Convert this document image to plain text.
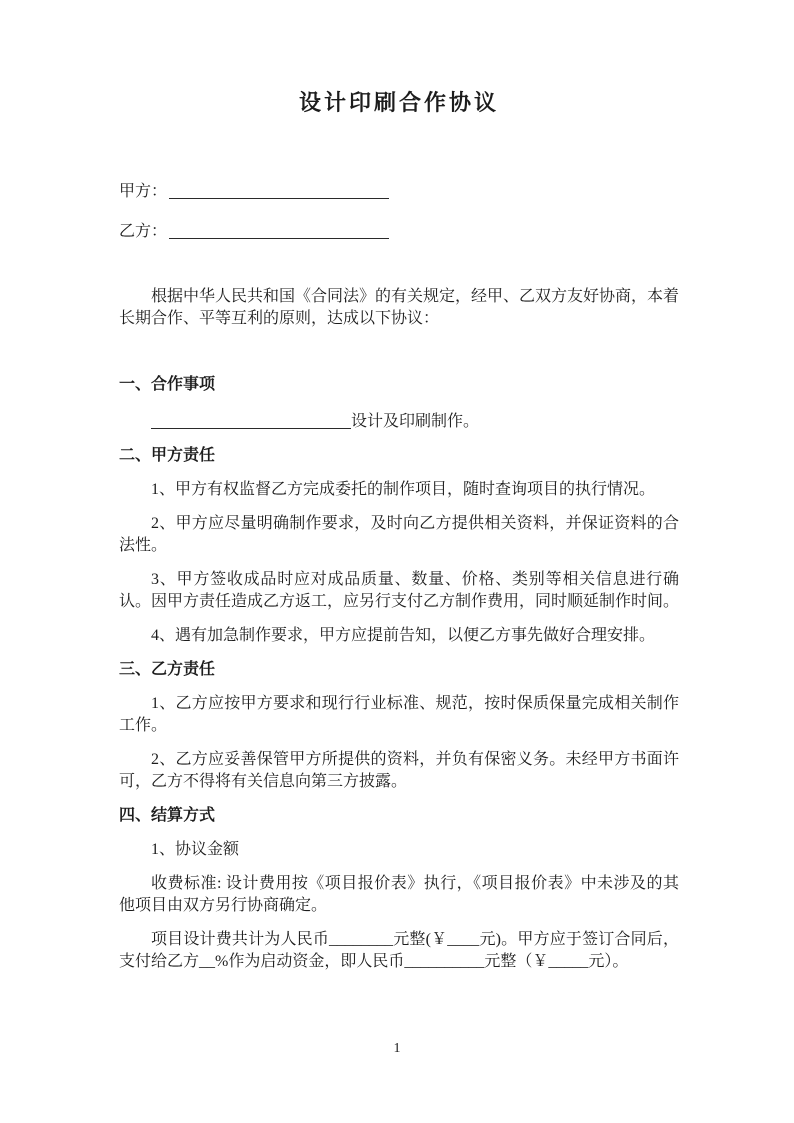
设计印刷合作协议
甲方：
乙方：

根据中华人民共和国《合同法》的有关规定，经甲、乙双方友好协商，本着长期合作、平等互利的原则，达成以下协议：

一、合作事项

设计及印刷制作。

二、甲方责任

1、甲方有权监督乙方完成委托的制作项目，随时查询项目的执行情况。

2、甲方应尽量明确制作要求，及时向乙方提供相关资料，并保证资料的合法性。

3、甲方签收成品时应对成品质量、数量、价格、类别等相关信息进行确认。因甲方责任造成乙方返工，应另行支付乙方制作费用，同时顺延制作时间。

4、遇有加急制作要求，甲方应提前告知，以便乙方事先做好合理安排。

三、乙方责任

1、乙方应按甲方要求和现行行业标准、规范，按时保质保量完成相关制作工作。

2、乙方应妥善保管甲方所提供的资料，并负有保密义务。未经甲方书面许可，乙方不得将有关信息向第三方披露。

四、结算方式

1、协议金额

收费标准: 设计费用按《项目报价表》执行，《项目报价表》中未涉及的其他项目由双方另行协商确定。

项目设计费共计为人民币________元整(￥____元)。甲方应于签订合同后，支付给乙方__%作为启动资金，即人民币__________元整（￥_____元）。

1
